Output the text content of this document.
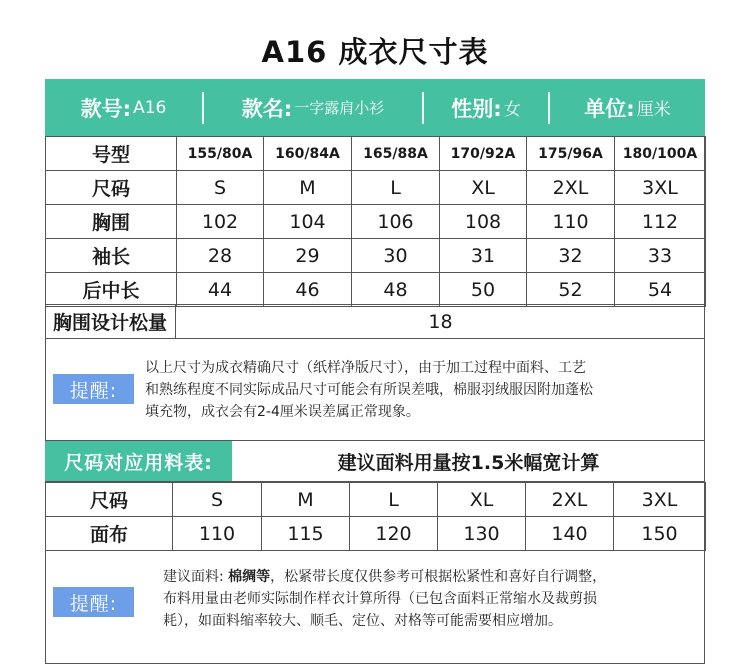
A16 成衣尺寸表
款号: A16	款名: 一字露肩小衫	性别: 女	单位: 厘米
号型	155/80A	160/84A	165/88A	170/92A	175/96A	180/100A
尺码	S	M	L	XL	2XL	3XL
胸围	102	104	106	108	110	112
袖长	28	29	30	31	32	33
后中长	44	46	48	50	52	54
胸围设计松量	18
提醒:
以上尺寸为成衣精确尺寸（纸样净版尺寸），由于加工过程中面料、工艺
和熟练程度不同实际成品尺寸可能会有所误差哦，棉服羽绒服因附加蓬松
填充物，成衣会有2-4厘米误差属正常现象。
尺码对应用料表:	建议面料用量按1.5米幅宽计算
尺码	S	M	L	XL	2XL	3XL
面布	110	115	120	130	140	150
提醒:
建议面料: 棉绸等，松紧带长度仅供参考可根据松紧性和喜好自行调整，
布料用量由老师实际制作样衣计算所得（已包含面料正常缩水及裁剪损
耗），如面料缩率较大、顺毛、定位、对格等可能需要相应增加。
